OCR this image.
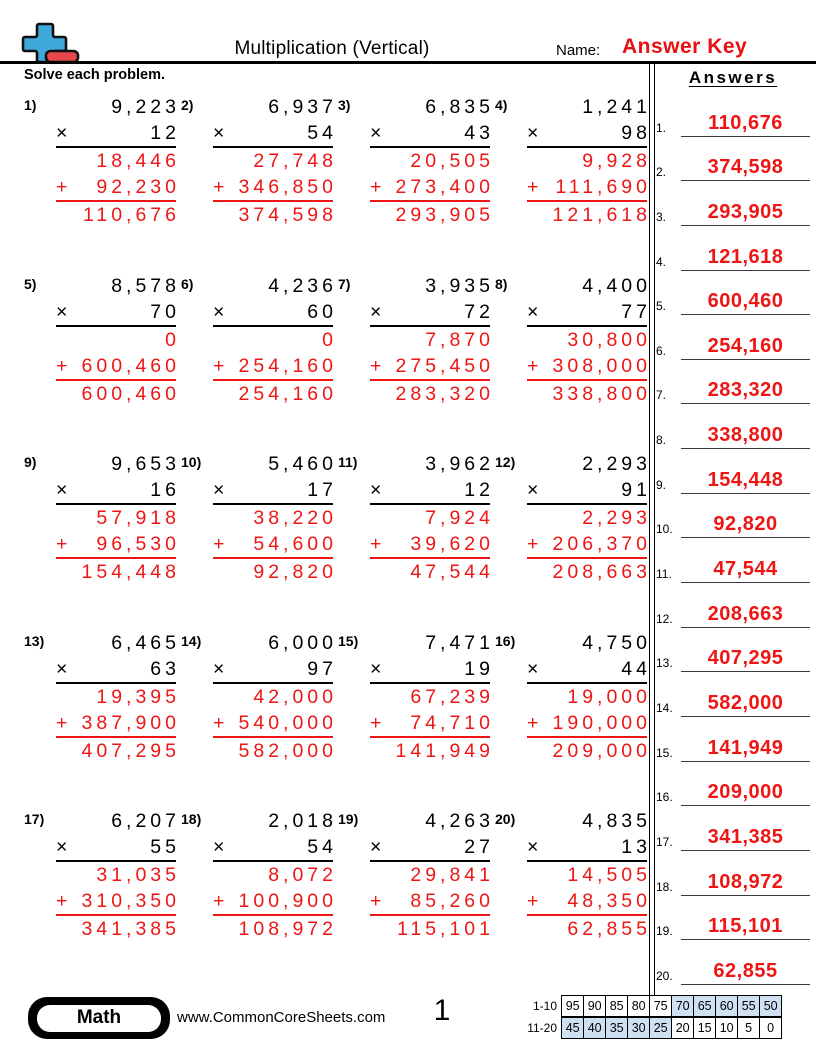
Multiplication (Vertical)	Name: Answer Key
Solve each problem.
1)	9,223
×	12
18,446
+ 92,230
110,676
2)	6,937
×	54
27,748
+ 346,850
374,598
3)	6,835
×	43
20,505
+ 273,400
293,905
4)	1,241
×	98
9,928
+ 111,690
121,618
5)	8,578
×	70
0
+ 600,460
600,460
6)	4,236
×	60
0
+ 254,160
254,160
7)	3,935
×	72
7,870
+ 275,450
283,320
8)	4,400
×	77
30,800
+ 308,000
338,800
9)	9,653
×	16
57,918
+ 96,530
154,448
10)	5,460
×	17
38,220
+ 54,600
92,820
11)	3,962
×	12
7,924
+ 39,620
47,544
12)	2,293
×	91
2,293
+ 206,370
208,663
13)	6,465
×	63
19,395
+ 387,900
407,295
14)	6,000
×	97
42,000
+ 540,000
582,000
15)	7,471
×	19
67,239
+ 74,710
141,949
16)	4,750
×	44
19,000
+ 190,000
209,000
17)	6,207
×	55
31,035
+ 310,350
341,385
18)	2,018
×	54
8,072
+ 100,900
108,972
19)	4,263
×	27
29,841
+ 85,260
115,101
20)	4,835
×	13
14,505
+ 48,350
62,855
Answers
1.	110,676
2.	374,598
3.	293,905
4.	121,618
5.	600,460
6.	254,160
7.	283,320
8.	338,800
9.	154,448
10.	92,820
11.	47,544
12.	208,663
13.	407,295
14.	582,000
15.	141,949
16.	209,000
17.	341,385
18.	108,972
19.	115,101
20.	62,855
Math	www.CommonCoreSheets.com	1	1-10 95 90 85 80 75 70 65 60 55 50
11-20 45 40 35 30 25 20 15 10 5	0
